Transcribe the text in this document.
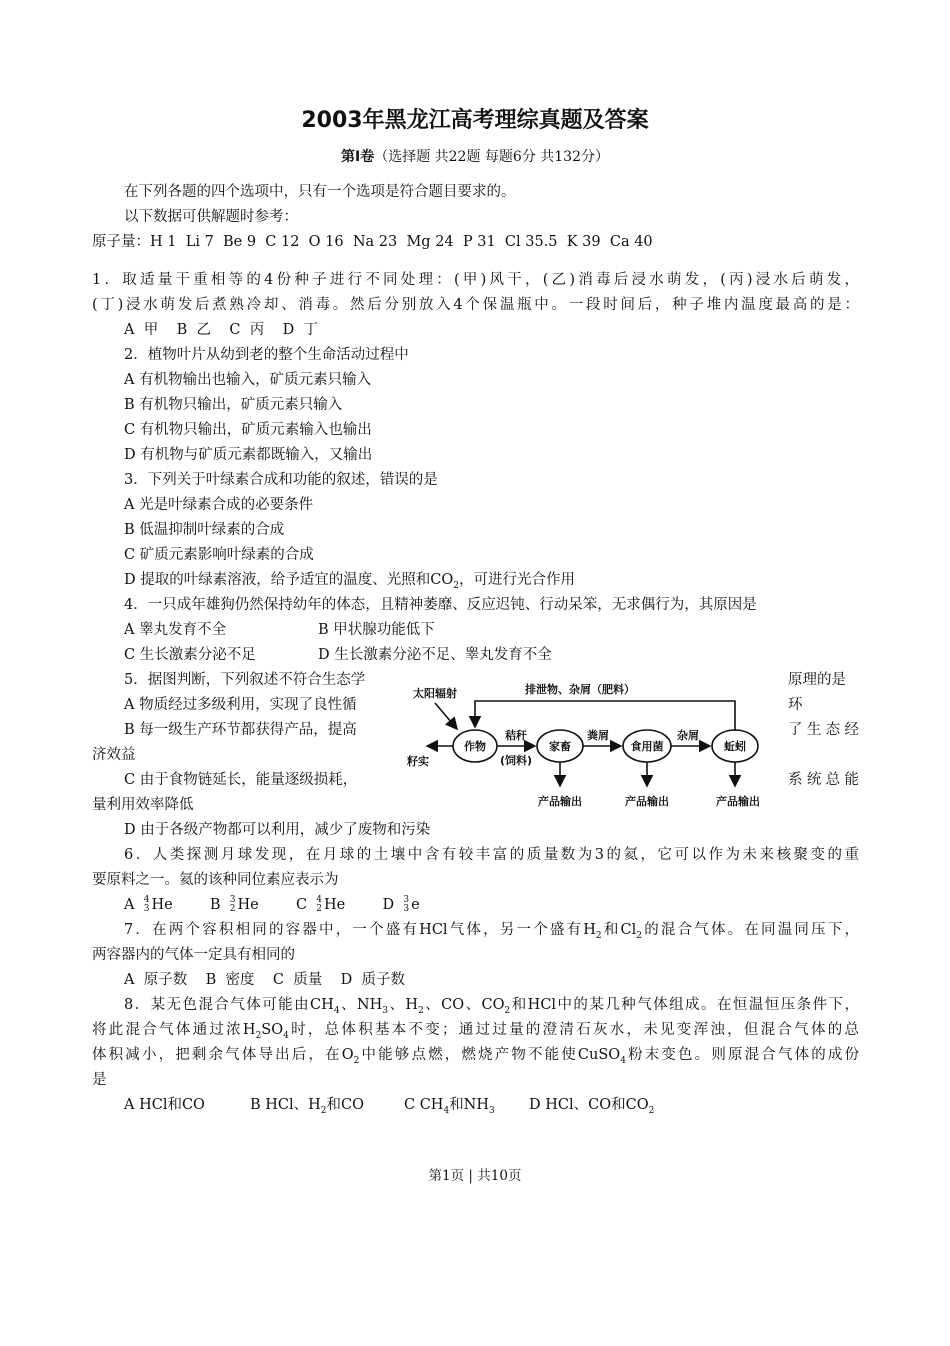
2003年黑龙江高考理综真题及答案
第Ⅰ卷（选择题 共22题 每题6分 共132分）
在下列各题的四个选项中，只有一个选项是符合题目要求的。
以下数据可供解题时参考：
原子量：H 1  Li 7  Be 9  C 12  O 16  Na 23  Mg 24  P 31  Cl 35.5  K 39  Ca 40
1．取适量干重相等的4份种子进行不同处理：(甲)风干，(乙)消毒后浸水萌发，(丙)浸水后萌发，
(丁)浸水萌发后煮熟冷却、消毒。然后分别放入4个保温瓶中。一段时间后，种子堆内温度最高的是：
A  甲    B  乙    C  丙    D  丁
2．植物叶片从幼到老的整个生命活动过程中
A 有机物输出也输入，矿质元素只输入
B 有机物只输出，矿质元素只输入
C 有机物只输出，矿质元素输入也输出
D 有机物与矿质元素都既输入，又输出
3．下列关于叶绿素合成和功能的叙述，错误的是
A 光是叶绿素合成的必要条件
B 低温抑制叶绿素的合成
C 矿质元素影响叶绿素的合成
D 提取的叶绿素溶液，给予适宜的温度、光照和$CO_2$，可进行光合作用
4．一只成年雄狗仍然保持幼年的体态，且精神萎靡、反应迟钝、行动呆笨，无求偶行为，其原因是
A 睾丸发育不全	B 甲状腺功能低下
C 生长激素分泌不足	D 生长激素分泌不足、睾丸发育不全
5．据图判断，下列叙述不符合生态学	原理的是
A 物质经过多级利用，实现了良性循	环
B 每一级生产环节都获得产品，提高	了生态经
济效益
C 由于食物链延长，能量逐级损耗，	系统总能
量利用效率降低
D 由于各级产物都可以利用，减少了废物和污染
太阳辐射	排泄物、杂屑（肥料）
作物	家畜	食用菌	蚯蚓
籽实
秸秆
(饲料)
粪屑	杂屑
产品输出	产品输出	产品输出
6．人类探测月球发现，在月球的土壤中含有较丰富的质量数为3的氦，它可以作为未来核聚变的重
要原料之一。氦的该种同位素应表示为
A 4
3 He	B 3
2 He	C 4
2 He	D 3
3 e
7．在两个容积相同的容器中，一个盛有HCl气体，另一个盛有$H_2$和$Cl_2$的混合气体。在同温同压下，
两容器内的气体一定具有相同的
A  原子数    B  密度    C  质量    D  质子数
8．某无色混合气体可能由$CH_4$、$NH_3$、$H_2$、CO、$CO_2$和HCl中的某几种气体组成。在恒温恒压条件下，
将此混合气体通过浓$H_2SO_4$时，总体积基本不变；通过过量的澄清石灰水，未见变浑浊，但混合气体的总
体积减小，把剩余气体导出后，在$O_2$中能够点燃，燃烧产物不能使CuSO$_4$粉末变色。则原混合气体的成份
是
A HCl和CO	B HCl、$H_2$和CO	C $CH_4$和$NH_3$ D HCl、CO和$CO_2$
第1页 | 共10页
